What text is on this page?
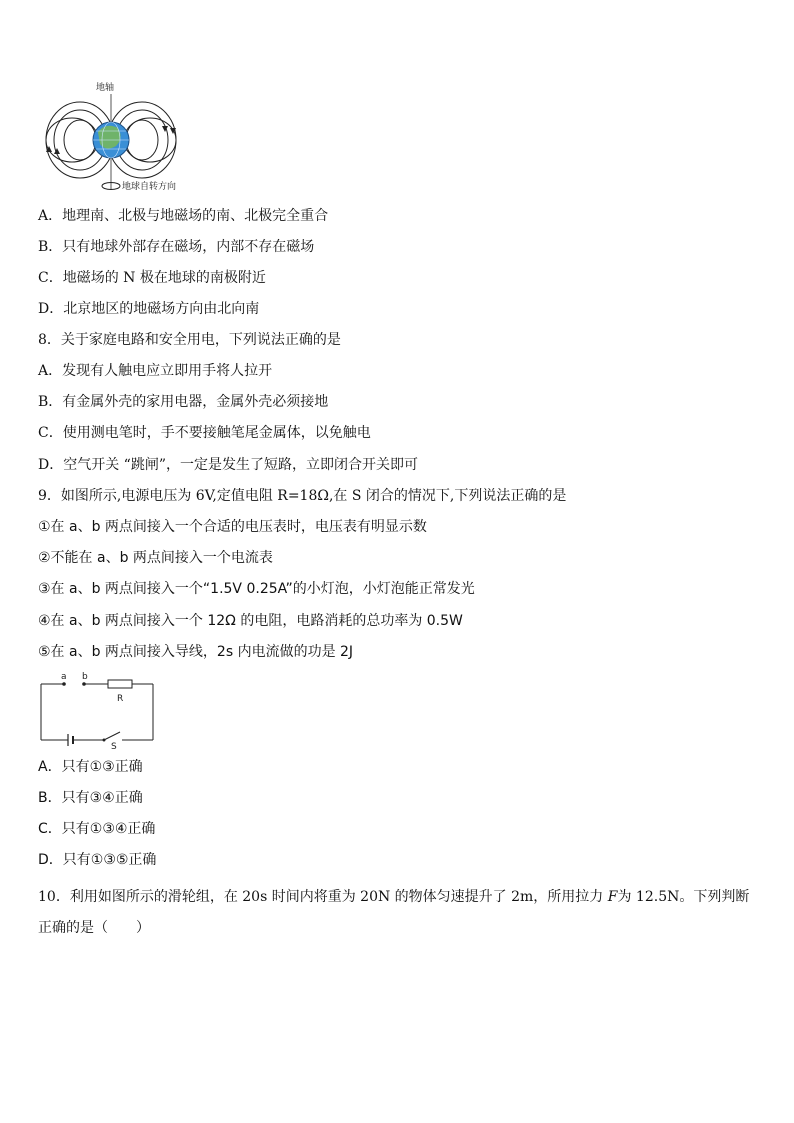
地轴
地球自转方向
A．地理南、北极与地磁场的南、北极完全重合
B．只有地球外部存在磁场，内部不存在磁场
C．地磁场的 N 极在地球的南极附近
D．北京地区的地磁场方向由北向南
8．关于家庭电路和安全用电，下列说法正确的是
A．发现有人触电应立即用手将人拉开
B．有金属外壳的家用电器，金属外壳必须接地
C．使用测电笔时，手不要接触笔尾金属体，以免触电
D．空气开关 “跳闸”，一定是发生了短路，立即闭合开关即可
9．如图所示,电源电压为 6V,定值电阻 R=18Ω,在 S 闭合的情况下,下列说法正确的是
①在 a、b 两点间接入一个合适的电压表时，电压表有明显示数
②不能在 a、b 两点间接入一个电流表
③在 a、b 两点间接入一个“1.5V 0.25A”的小灯泡，小灯泡能正常发光
④在 a、b 两点间接入一个 12Ω 的电阻，电路消耗的总功率为 0.5W
⑤在 a、b 两点间接入导线，2s 内电流做的功是 2J
a b
R
S
A．只有①③正确
B．只有③④正确
C．只有①③④正确
D．只有①③⑤正确
10．利用如图所示的滑轮组，在 20s 时间内将重为 20N 的物体匀速提升了 2m，所用拉力 F为 12.5N。下列判断正确的是（　　）
